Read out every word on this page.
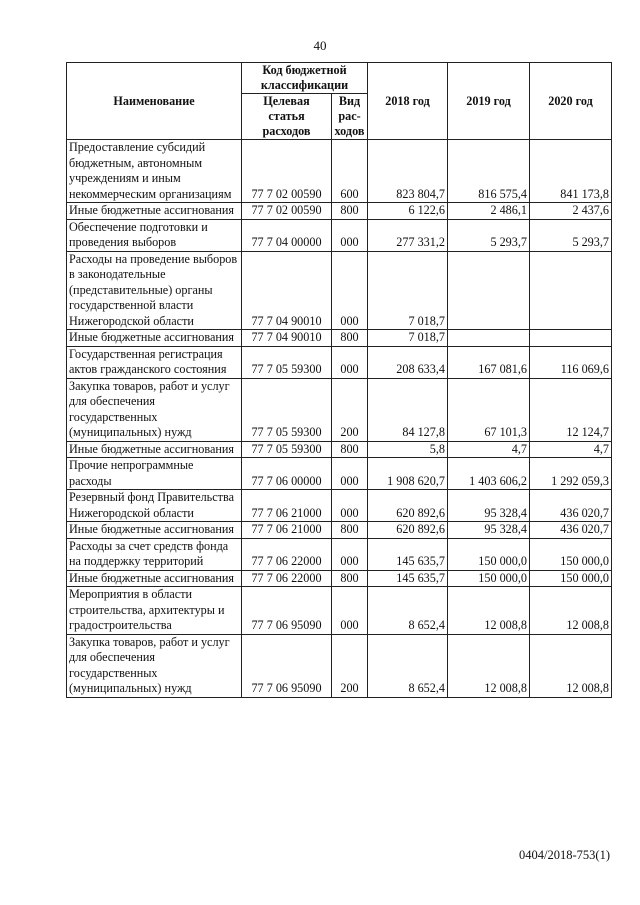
40
Наименование	Код бюджетной классификации		2018 год	2019 год	2020 год
	Целевая статья расходов	Вид рас-ходов			
Предоставление субсидий бюджетным, автономным учреждениям и иным некоммерческим организациям	77 7 02 00590	600	823 804,7	816 575,4	841 173,8
Иные бюджетные ассигнования	77 7 02 00590	800	6 122,6	2 486,1	2 437,6
Обеспечение подготовки и проведения выборов	77 7 04 00000	000	277 331,2	5 293,7	5 293,7
Расходы на проведение выборов в законодательные (представительные) органы государственной власти Нижегородской области	77 7 04 90010	000	7 018,7		
Иные бюджетные ассигнования	77 7 04 90010	800	7 018,7		
Государственная регистрация актов гражданского состояния	77 7 05 59300	000	208 633,4	167 081,6	116 069,6
Закупка товаров, работ и услуг для обеспечения государственных (муниципальных) нужд	77 7 05 59300	200	84 127,8	67 101,3	12 124,7
Иные бюджетные ассигнования	77 7 05 59300	800	5,8	4,7	4,7
Прочие непрограммные расходы	77 7 06 00000	000	1 908 620,7	1 403 606,2	1 292 059,3
Резервный фонд Правительства Нижегородской области	77 7 06 21000	000	620 892,6	95 328,4	436 020,7
Иные бюджетные ассигнования	77 7 06 21000	800	620 892,6	95 328,4	436 020,7
Расходы за счет средств фонда на поддержку территорий	77 7 06 22000	000	145 635,7	150 000,0	150 000,0
Иные бюджетные ассигнования	77 7 06 22000	800	145 635,7	150 000,0	150 000,0
Мероприятия в области строительства, архитектуры и градостроительства	77 7 06 95090	000	8 652,4	12 008,8	12 008,8
Закупка товаров, работ и услуг для обеспечения государственных (муниципальных) нужд	77 7 06 95090	200	8 652,4	12 008,8	12 008,8
0404/2018-753(1)
